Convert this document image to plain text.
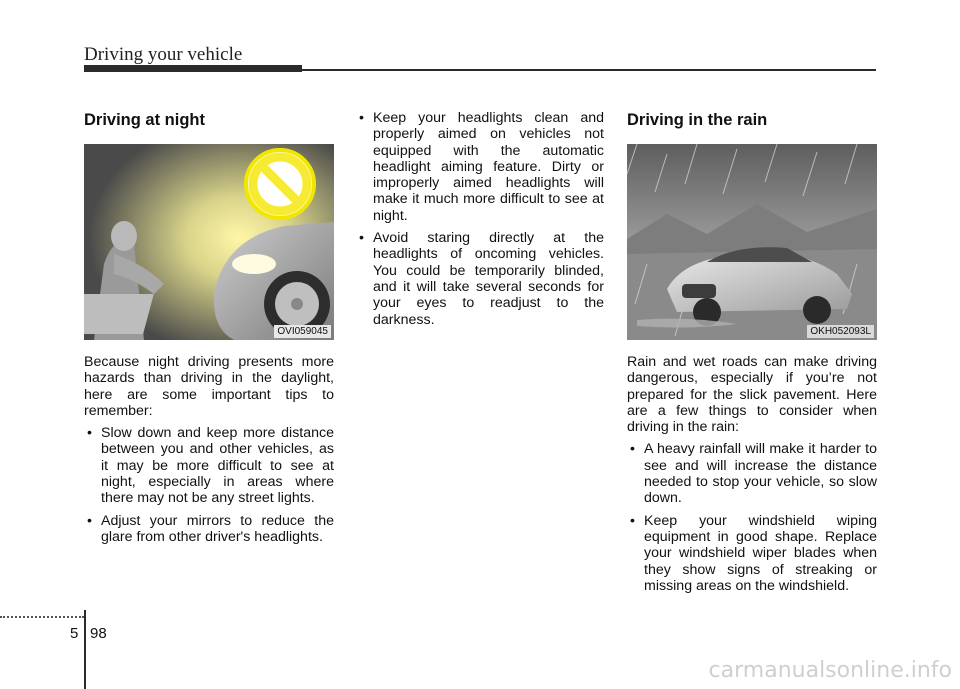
Driving your vehicle
Driving at night
OVI059045

Because night driving presents more hazards than driving in the daylight, here are some important tips to remember:

• Slow down and keep more distance between you and other vehicles, as it may be more difficult to see at night, especially in areas where there may not be any street lights.
• Adjust your mirrors to reduce the glare from other driver's headlights.
• Keep your headlights clean and properly aimed on vehicles not equipped with the automatic headlight aiming feature. Dirty or improperly aimed headlights will make it much more difficult to see at night.
• Avoid staring directly at the headlights of oncoming vehicles. You could be temporarily blinded, and it will take several seconds for your eyes to readjust to the darkness.
Driving in the rain
OKH052093L

Rain and wet roads can make driving dangerous, especially if you’re not prepared for the slick pavement. Here are a few things to consider when driving in the rain:

• A heavy rainfall will make it harder to see and will increase the distance needed to stop your vehicle, so slow down.
• Keep your windshield wiping equipment in good shape. Replace your windshield wiper blades when they show signs of streaking or missing areas on the windshield.
5 98
carmanualsonline.info
